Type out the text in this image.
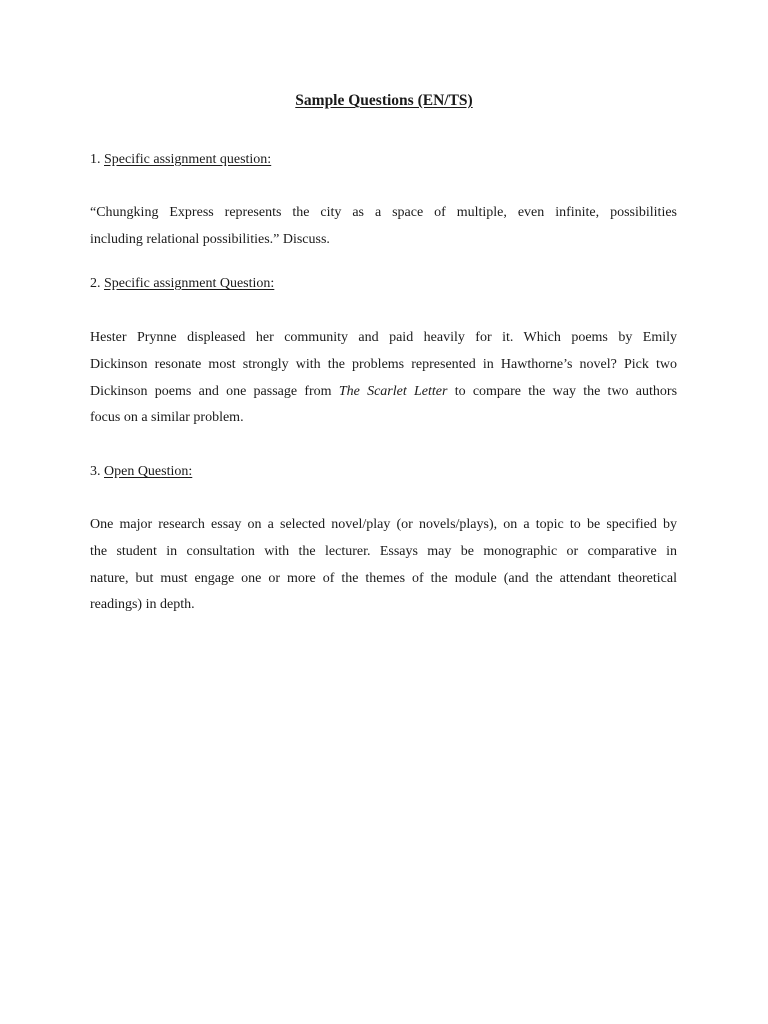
Sample Questions (EN/TS)
1. Specific assignment question:
“Chungking Express represents the city as a space of multiple, even infinite, possibilities
including relational possibilities.” Discuss.
2. Specific assignment Question:
Hester Prynne displeased her community and paid heavily for it. Which poems by Emily
Dickinson resonate most strongly with the problems represented in Hawthorne’s novel? Pick two
Dickinson poems and one passage from The Scarlet Letter to compare the way the two authors
focus on a similar problem.
3. Open Question:
One major research essay on a selected novel/play (or novels/plays), on a topic to be specified by
the student in consultation with the lecturer. Essays may be monographic or comparative in
nature, but must engage one or more of the themes of the module (and the attendant theoretical
readings) in depth.
